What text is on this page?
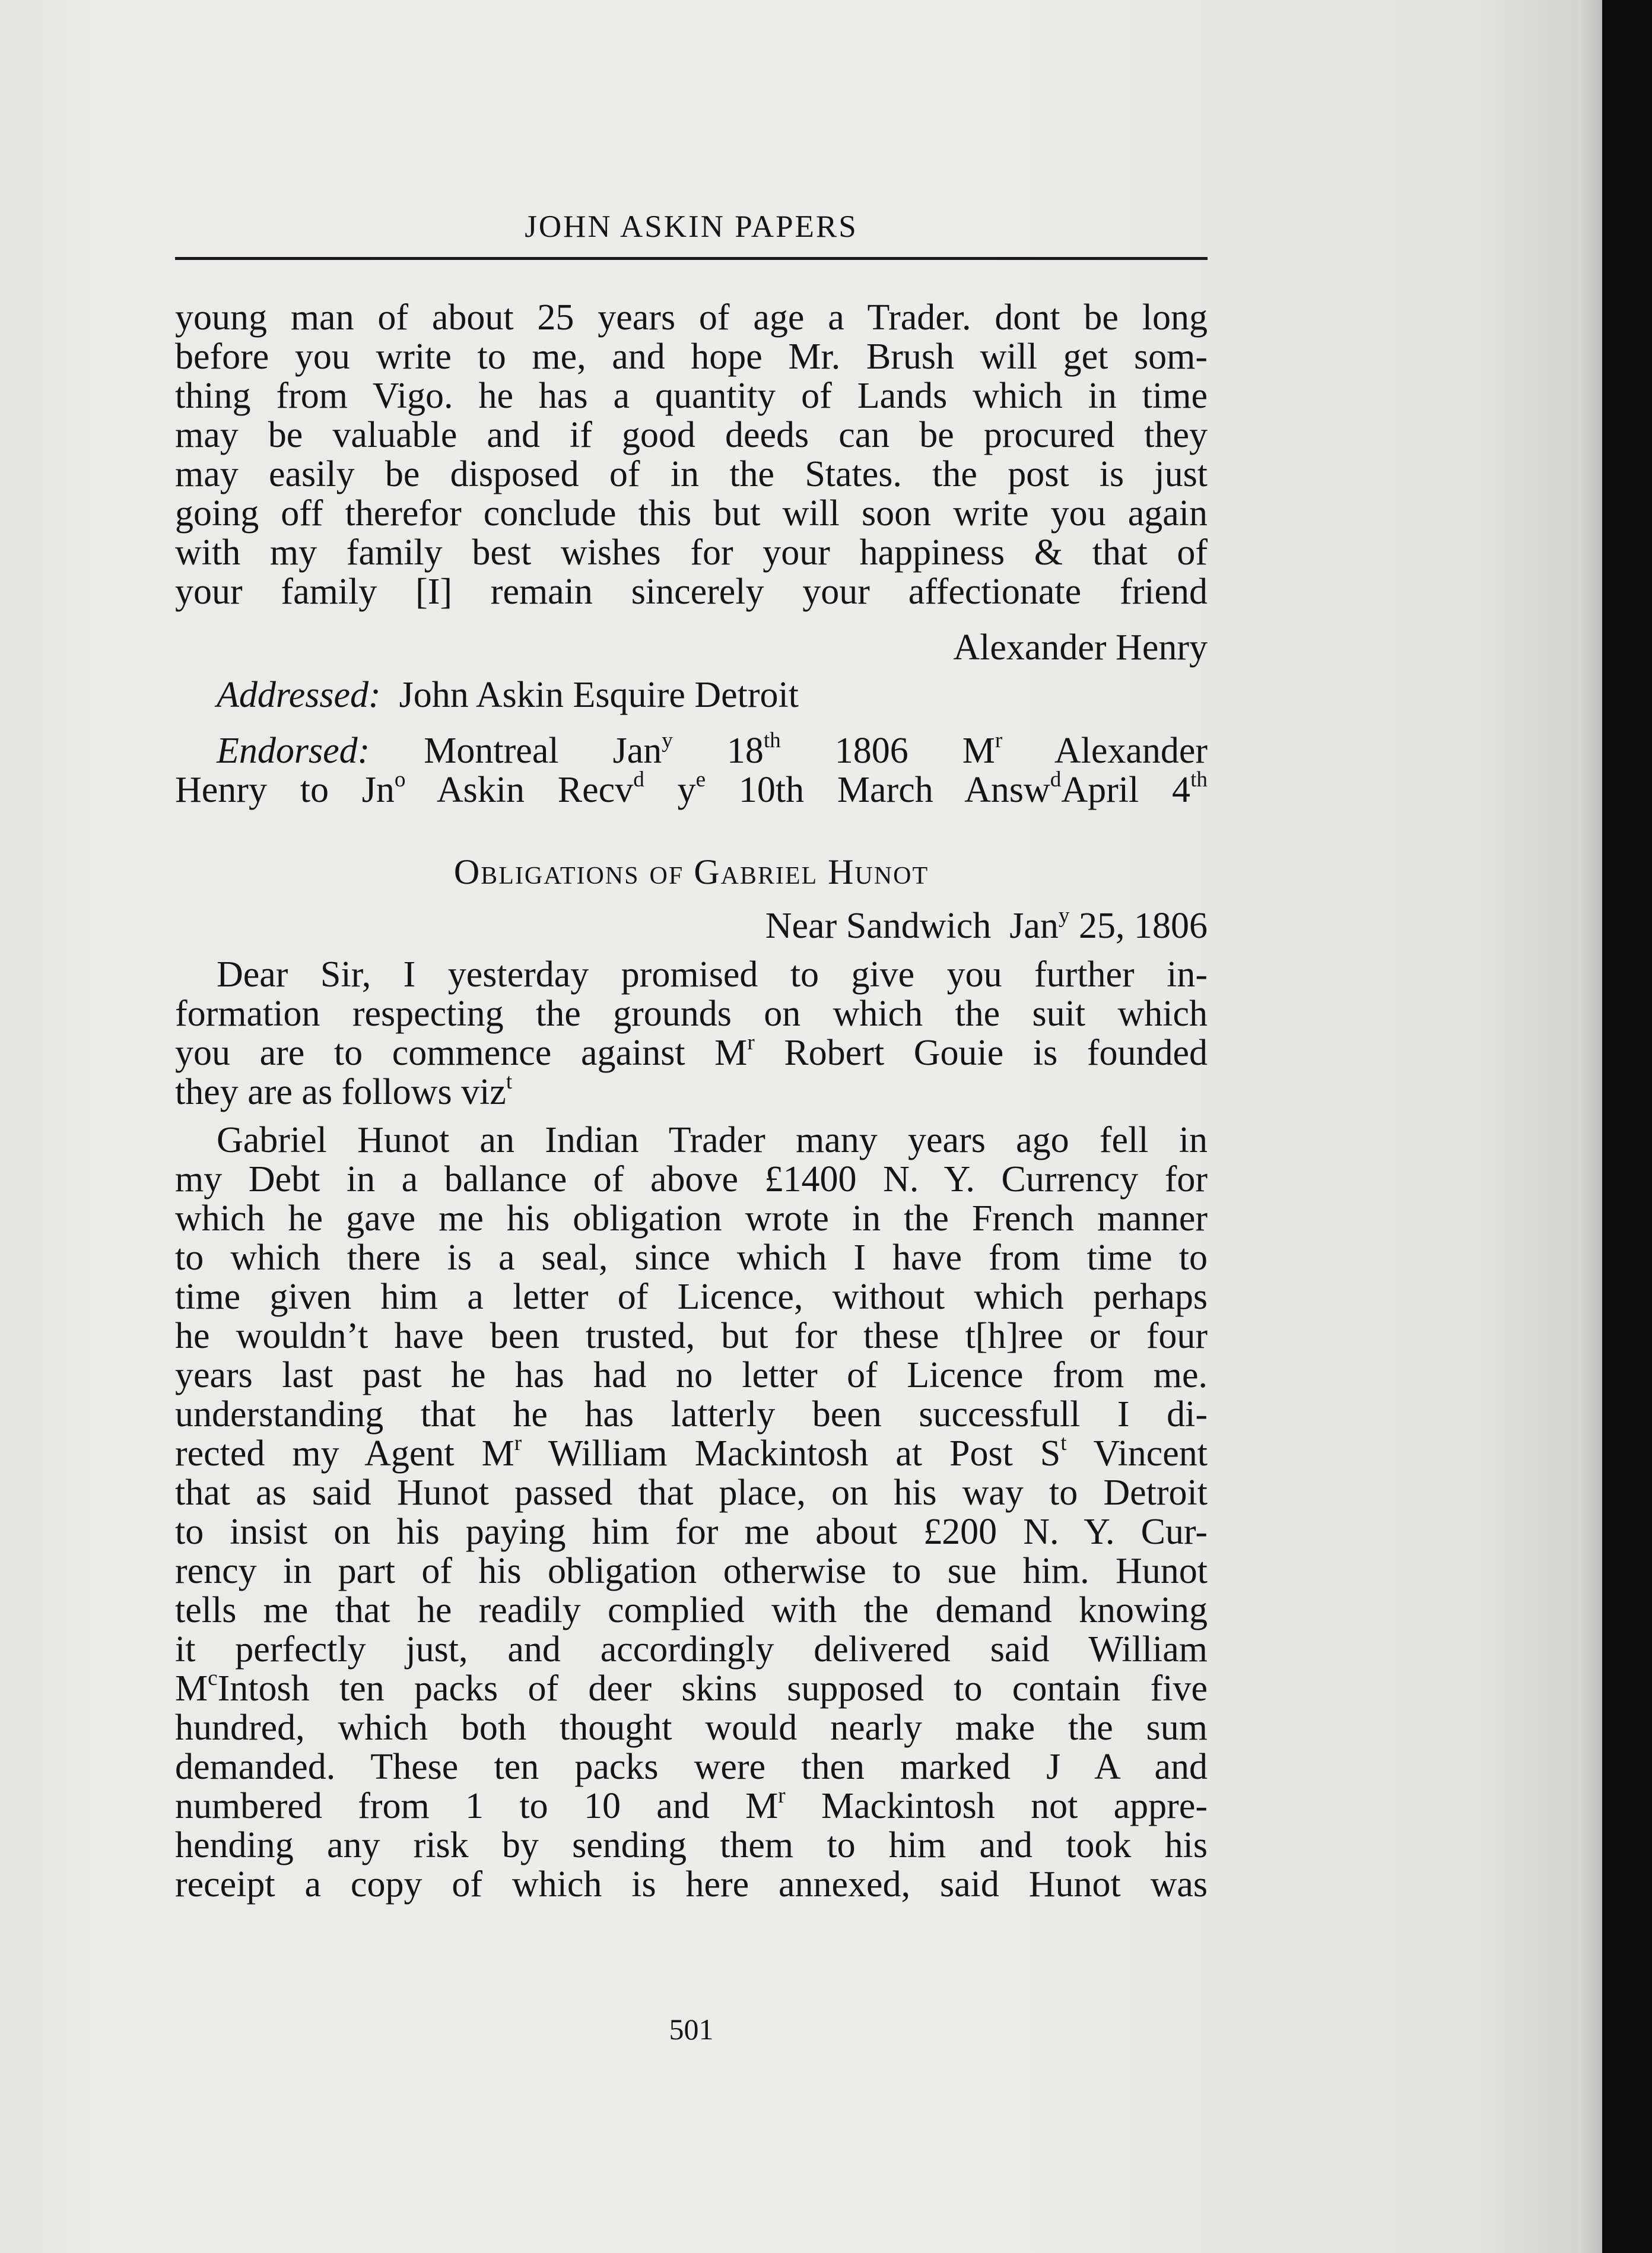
JOHN ASKIN PAPERS
young man of about 25 years of age a Trader. dont be long
before you write to me, and hope Mr. Brush will get som-
thing from Vigo. he has a quantity of Lands which in time
may be valuable and if good deeds can be procured they
may easily be disposed of in the States. the post is just
going off therefor conclude this but will soon write you again
with my family best wishes for your happiness & that of
your family [I] remain sincerely your affectionate friend
Alexander Henry
Addressed: John Askin Esquire Detroit
Endorsed: Montreal Jan$^y$ 18th 1806 $M^r$ Alexander
Henry to Jn$^o$ Askin Recv$^d$ $y^e$ 10th March Answ$^d$April 4th
Obligations of Gabriel Hunot
Near Sandwich Jan$^y$ 25, 1806
Dear Sir, I yesterday promised to give you further in-
formation respecting the grounds on which the suit which
you are to commence against $M^r$ Robert Gouie is founded
they are as follows viz$^t$
Gabriel Hunot an Indian Trader many years ago fell in
my Debt in a ballance of above £1400 N. Y. Currency for
which he gave me his obligation wrote in the French manner
to which there is a seal, since which I have from time to
time given him a letter of Licence, without which perhaps
he wouldn’t have been trusted, but for these t[h]ree or four
years last past he has had no letter of Licence from me.
understanding that he has latterly been successfull I di-
rected my Agent $M^r$ William Mackintosh at Post $S^t$ Vincent
that as said Hunot passed that place, on his way to Detroit
to insist on his paying him for me about £200 N. Y. Cur-
rency in part of his obligation otherwise to sue him. Hunot
tells me that he readily complied with the demand knowing
it perfectly just, and accordingly delivered said William
$M^cIntosh$ ten packs of deer skins supposed to contain five
hundred, which both thought would nearly make the sum
demanded. These ten packs were then marked J A and
numbered from 1 to 10 and $M^r$ Mackintosh not appre-
hending any risk by sending them to him and took his
receipt a copy of which is here annexed, said Hunot was
501
